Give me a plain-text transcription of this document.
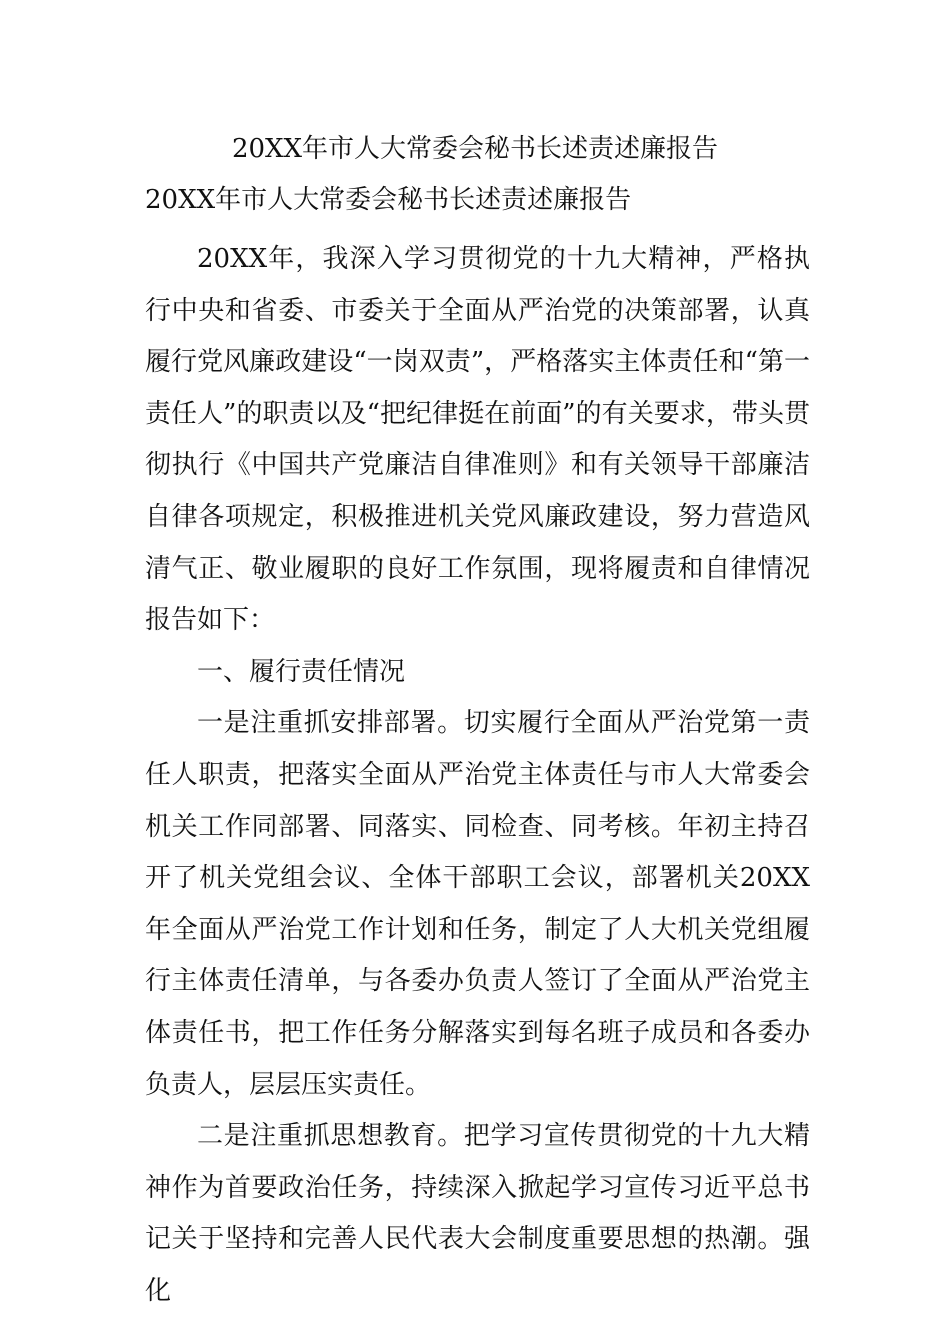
20XX年市人大常委会秘书长述责述廉报告
20XX年市人大常委会秘书长述责述廉报告

20XX年，我深入学习贯彻党的十九大精神，严格执行中央和省委、市委关于全面从严治党的决策部署，认真履行党风廉政建设“一岗双责”，严格落实主体责任和“第一责任人”的职责以及“把纪律挺在前面”的有关要求，带头贯彻执行《中国共产党廉洁自律准则》和有关领导干部廉洁自律各项规定，积极推进机关党风廉政建设，努力营造风清气正、敬业履职的良好工作氛围，现将履责和自律情况报告如下：

一、履行责任情况

一是注重抓安排部署。切实履行全面从严治党第一责任人职责，把落实全面从严治党主体责任与市人大常委会机关工作同部署、同落实、同检查、同考核。年初主持召开了机关党组会议、全体干部职工会议，部署机关20XX年全面从严治党工作计划和任务，制定了人大机关党组履行主体责任清单，与各委办负责人签订了全面从严治党主体责任书，把工作任务分解落实到每名班子成员和各委办负责人，层层压实责任。

二是注重抓思想教育。把学习宣传贯彻党的十九大精神作为首要政治任务，持续深入掀起学习宣传习近平总书记关于坚持和完善人民代表大会制度重要思想的热潮。强化
